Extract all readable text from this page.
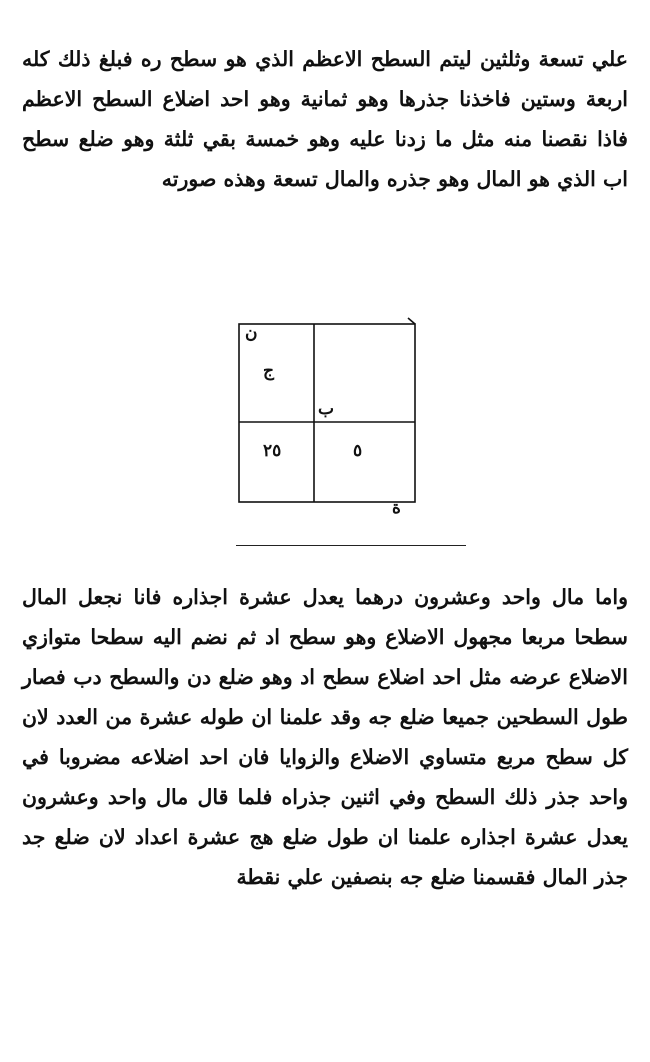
علي تسعة وثلثين ليتم السطح الاعظم الذي هو سطح ره فبلغ ذلك كله اربعة وستين فاخذنا جذرها وهو ثمانية وهو احد اضلاع السطح الاعظم فاذا نقصنا منه مثل ما زدنا عليه وهو خمسة بقي ثلثة وهو ضلع سطح اب الذي هو المال وهو جذره والمال تسعة وهذه صورته

ن
ج
ب
٢٥	٥
ة

واما مال واحد وعشرون درهما يعدل عشرة اجذاره فانا نجعل المال سطحا مربعا مجهول الاضلاع وهو سطح اد ثم نضم اليه سطحا متوازي الاضلاع عرضه مثل احد اضلاع سطح اد وهو ضلع دن والسطح دب فصار طول السطحين جميعا ضلع جه وقد علمنا ان طوله عشرة من العدد لان كل سطح مربع متساوي الاضلاع والزوايا فان احد اضلاعه مضروبا في واحد جذر ذلك السطح وفي اثنين جذراه فلما قال مال واحد وعشرون يعدل عشرة اجذاره علمنا ان طول ضلع هج عشرة اعداد لان ضلع جد جذر المال فقسمنا ضلع جه بنصفين علي نقطة
